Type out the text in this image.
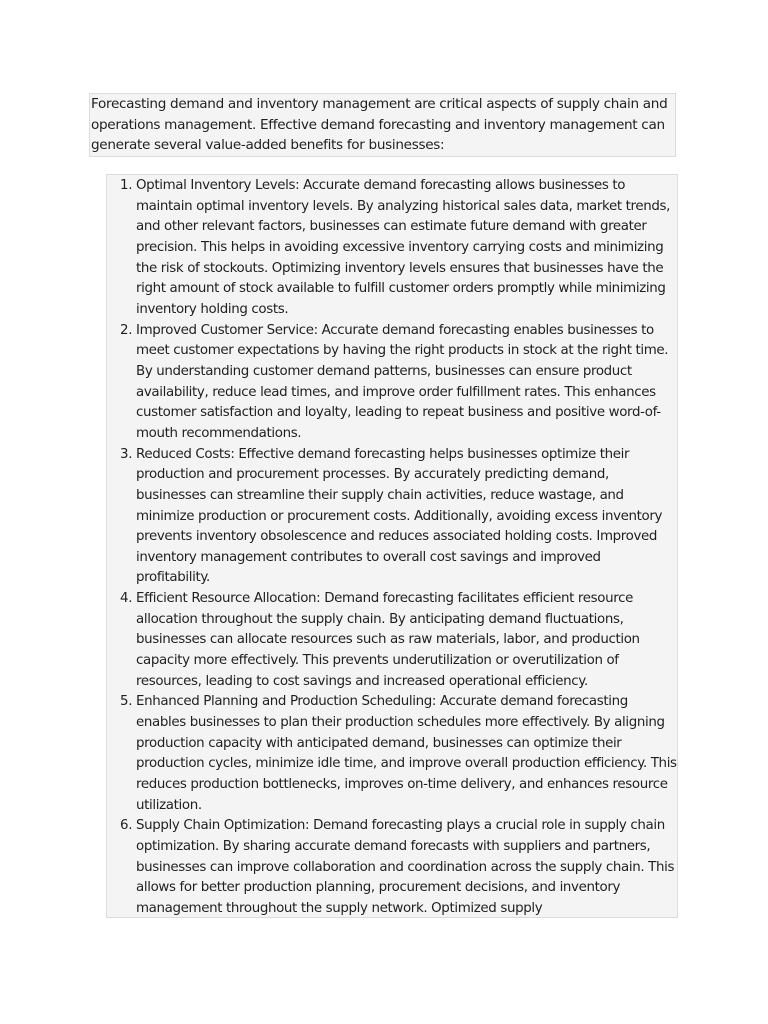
Forecasting demand and inventory management are critical aspects of supply chain and operations management. Effective demand forecasting and inventory management can generate several value-added benefits for businesses:
1. Optimal Inventory Levels: Accurate demand forecasting allows businesses to maintain optimal inventory levels. By analyzing historical sales data, market trends, and other relevant factors, businesses can estimate future demand with greater precision. This helps in avoiding excessive inventory carrying costs and minimizing the risk of stockouts. Optimizing inventory levels ensures that businesses have the right amount of stock available to fulfill customer orders promptly while minimizing inventory holding costs.
2. Improved Customer Service: Accurate demand forecasting enables businesses to meet customer expectations by having the right products in stock at the right time. By understanding customer demand patterns, businesses can ensure product availability, reduce lead times, and improve order fulfillment rates. This enhances customer satisfaction and loyalty, leading to repeat business and positive word-of-mouth recommendations.
3. Reduced Costs: Effective demand forecasting helps businesses optimize their production and procurement processes. By accurately predicting demand, businesses can streamline their supply chain activities, reduce wastage, and minimize production or procurement costs. Additionally, avoiding excess inventory prevents inventory obsolescence and reduces associated holding costs. Improved inventory management contributes to overall cost savings and improved profitability.
4. Efficient Resource Allocation: Demand forecasting facilitates efficient resource allocation throughout the supply chain. By anticipating demand fluctuations, businesses can allocate resources such as raw materials, labor, and production capacity more effectively. This prevents underutilization or overutilization of resources, leading to cost savings and increased operational efficiency.
5. Enhanced Planning and Production Scheduling: Accurate demand forecasting enables businesses to plan their production schedules more effectively. By aligning production capacity with anticipated demand, businesses can optimize their production cycles, minimize idle time, and improve overall production efficiency. This reduces production bottlenecks, improves on-time delivery, and enhances resource utilization.
6. Supply Chain Optimization: Demand forecasting plays a crucial role in supply chain optimization. By sharing accurate demand forecasts with suppliers and partners, businesses can improve collaboration and coordination across the supply chain. This allows for better production planning, procurement decisions, and inventory management throughout the supply network. Optimized supply
